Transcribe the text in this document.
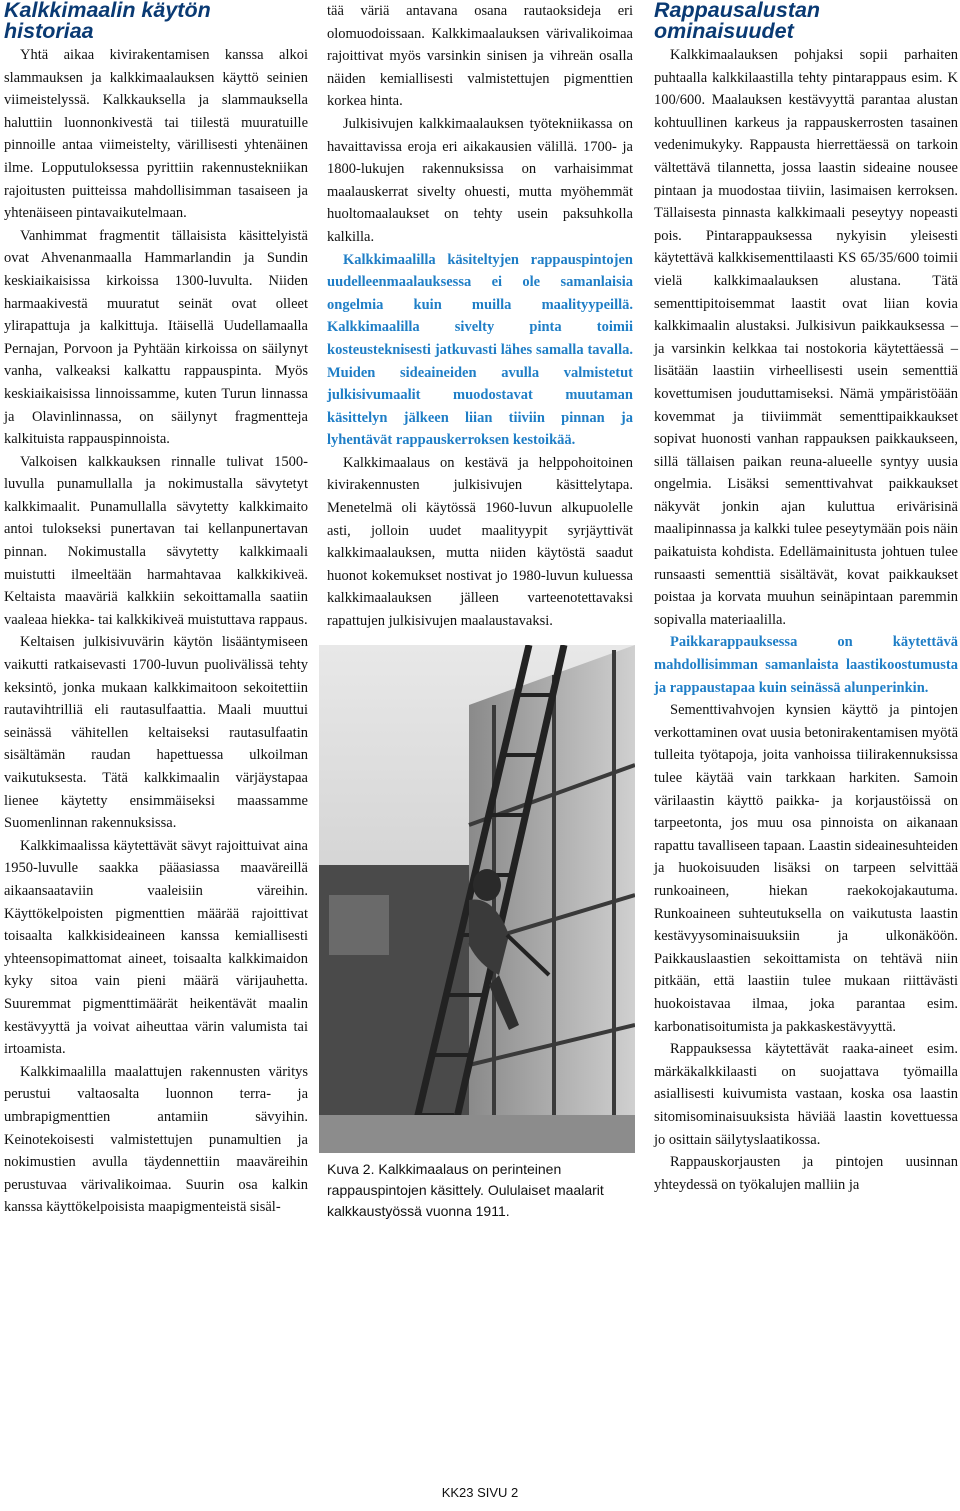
Kalkkimaalin käytön
historiaa

Yhtä aikaa kivirakentamisen kanssa alkoi slammauksen ja kalkkimaalauksen käyttö seinien viimeistelyssä. Kalkkauksella ja slammauksella haluttiin luonnonkivestä tai tiilestä muuratuille pinnoille antaa viimeistelty, värillisesti yhtenäinen ilme. Lopputuloksessa pyrittiin rakennustekniikan rajoitusten puitteissa mahdollisimman tasaiseen ja yhtenäiseen pintavaikutelmaan.

Vanhimmat fragmentit tällaisista käsittelyistä ovat Ahvenanmaalla Hammarlandin ja Sundin keskiaikaisissa kirkoissa 1300-luvulta. Niiden harmaakivestä muuratut seinät ovat olleet ylirapattuja ja kalkittuja. Itäisellä Uudellamaalla Pernajan, Porvoon ja Pyhtään kirkoissa on säilynyt vanha, valkeaksi kalkattu rappauspinta. Myös keskiaikaisissa linnoissamme, kuten Turun linnassa ja Olavinlinnassa, on säilynyt fragmentteja kalkituista rappauspinnoista.

Valkoisen kalkkauksen rinnalle tulivat 1500-luvulla punamullalla ja nokimustalla sävytetyt kalkkimaalit. Punamullalla sävytetty kalkkimaito antoi tulokseksi punertavan tai kellanpunertavan pinnan. Nokimustalla sävytetty kalkkimaali muistutti ilmeeltään harmahtavaa kalkkikiveä. Keltaista maaväriä kalkkiin sekoittamalla saatiin vaaleaa hiekka- tai kalkkikiveä muistuttava rappaus.

Keltaisen julkisivuvärin käytön lisääntymiseen vaikutti ratkaisevasti 1700-luvun puolivälissä tehty keksintö, jonka mukaan kalkkimaitoon sekoitettiin rautavihtrilliä eli rautasulfaattia. Maali muuttui seinässä vähitellen keltaiseksi rautasulfaatin sisältämän raudan hapettuessa ulkoilman vaikutuksesta. Tätä kalkkimaalin värjäystapaa lienee käytetty ensimmäiseksi maassamme Suomenlinnan rakennuksissa.

Kalkkimaalissa käytettävät sävyt rajoittuivat aina 1950-luvulle saakka pääasiassa maaväreillä aikaansaataviin vaaleisiin väreihin. Käyttökelpoisten pigmenttien määrää rajoittivat toisaalta kalkkisideaineen kanssa kemiallisesti yhteensopimattomat aineet, toisaalta kalkkimaidon kyky sitoa vain pieni määrä värijauhetta. Suuremmat pigmenttimäärät heikentävät maalin kestävyyttä ja voivat aiheuttaa värin valumista tai irtoamista.

Kalkkimaalilla maalattujen rakennusten väritys perustui valtaosalta luonnon terra- ja umbrapigmenttien antamiin sävyihin. Keinotekoisesti valmistettujen punamultien ja nokimustien avulla täydennettiin maaväreihin perustuvaa värivalikoimaa. Suurin osa kalkin kanssa käyttökelpoisista maapigmenteistä sisäl-

tää väriä antavana osana rautaoksideja eri olomuodoissaan. Kalkkimaalauksen värivalikoimaa rajoittivat myös varsinkin sinisen ja vihreän osalla näiden kemiallisesti valmistettujen pigmenttien korkea hinta.

Julkisivujen kalkkimaalauksen työtekniikassa on havaittavissa eroja eri aikakausien välillä. 1700- ja 1800-lukujen rakennuksissa on varhaisimmat maalauskerrat sivelty ohuesti, mutta myöhemmät huoltomaalaukset on tehty usein paksuhkolla kalkilla.

Kalkkimaalilla käsiteltyjen rappauspintojen uudelleenmaalauksessa ei ole samanlaisia ongelmia kuin muilla maalityypeillä. Kalkkimaalilla sivelty pinta toimii kosteusteknisesti jatkuvasti lähes samalla tavalla. Muiden sideaineiden avulla valmistetut julkisivumaalit muodostavat muutaman käsittelyn jälkeen liian tiiviin pinnan ja lyhentävät rappauskerroksen kestoikää.

Kalkkimaalaus on kestävä ja helppohoitoinen kivirakennusten julkisivujen käsittelytapa. Menetelmä oli käytössä 1960-luvun alkupuolelle asti, jolloin uudet maalityypit syrjäyttivät kalkkimaalauksen, mutta niiden käytöstä saadut huonot kokemukset nostivat jo 1980-luvun kuluessa kalkkimaalauksen jälleen varteenotettavaksi rapattujen julkisivujen maalaustavaksi.

Kuva 2. Kalkkimaalaus on perinteinen rappauspintojen käsittely. Oululaiset maalarit kalkkaustyössä vuonna 1911.
Rappausalustan
ominaisuudet

Kalkkimaalauksen pohjaksi sopii parhaiten puhtaalla kalkkilaastilla tehty pintarappaus esim. K 100/600. Maalauksen kestävyyttä parantaa alustan kohtuullinen karkeus ja rappauskerrosten tasainen vedenimukyky. Rappausta hierrettäessä on tarkoin vältettävä tilannetta, jossa laastin sideaine nousee pintaan ja muodostaa tiiviin, lasimaisen kerroksen. Tällaisesta pinnasta kalkkimaali peseytyy nopeasti pois. Pintarappauksessa nykyisin yleisesti käytettävä kalkkisementtilaasti KS 65/35/600 toimii vielä kalkkimaalauksen alustana. Tätä sementtipitoisemmat laastit ovat liian kovia kalkkimaalin alustaksi. Julkisivun paikkauksessa – ja varsinkin kelkkaa tai nostokoria käytettäessä – lisätään laastiin virheellisesti usein sementtiä kovettumisen jouduttamiseksi. Nämä ympäristöään kovemmat ja tiiviimmät sementtipaikkaukset sopivat huonosti vanhan rappauksen paikkaukseen, sillä tällaisen paikan reuna-alueelle syntyy uusia ongelmia. Lisäksi sementtivahvat paikkaukset näkyvät jonkin ajan kuluttua erivärisinä maalipinnassa ja kalkki tulee peseytymään pois näin paikatuista kohdista. Edellämainitusta johtuen tulee runsaasti sementtiä sisältävät, kovat paikkaukset poistaa ja korvata muuhun seinäpintaan paremmin sopivalla materiaalilla.

Paikkarappauksessa on käytettävä mahdollisimman samanlaista laastikoostumusta ja rappaustapaa kuin seinässä alunperinkin.

Sementtivahvojen kynsien käyttö ja pintojen verkottaminen ovat uusia betonirakentamisen myötä tulleita työtapoja, joita vanhoissa tiilirakennuksissa tulee käytää vain tarkkaan harkiten. Samoin värilaastin käyttö paikka- ja korjaustöissä on tarpeetonta, jos muu osa pinnoista on aikanaan rapattu tavalliseen tapaan. Laastin sideainesuhteiden ja huokoisuuden lisäksi on tarpeen selvittää runkoaineen, hiekan raekokojakautuma. Runkoaineen suhteutuksella on vaikutusta laastin kestävyysominaisuuksiin ja ulkonäköön. Paikkauslaastien sekoittamista on tehtävä niin pitkään, että laastiin tulee mukaan riittävästi huokoistavaa ilmaa, joka parantaa esim. karbonatisoitumista ja pakkaskestävyyttä.

Rappauksessa käytettävät raaka-aineet esim. märkäkalkkilaasti on suojattava työmailla asiallisesti kuivumista vastaan, koska osa laastin sitomisominaisuuksista häviää laastin kovettuessa jo osittain säilytyslaatikossa.

Rappauskorjausten ja pintojen uusinnan yhteydessä on työkalujen malliin ja

KK23 SIVU 2
